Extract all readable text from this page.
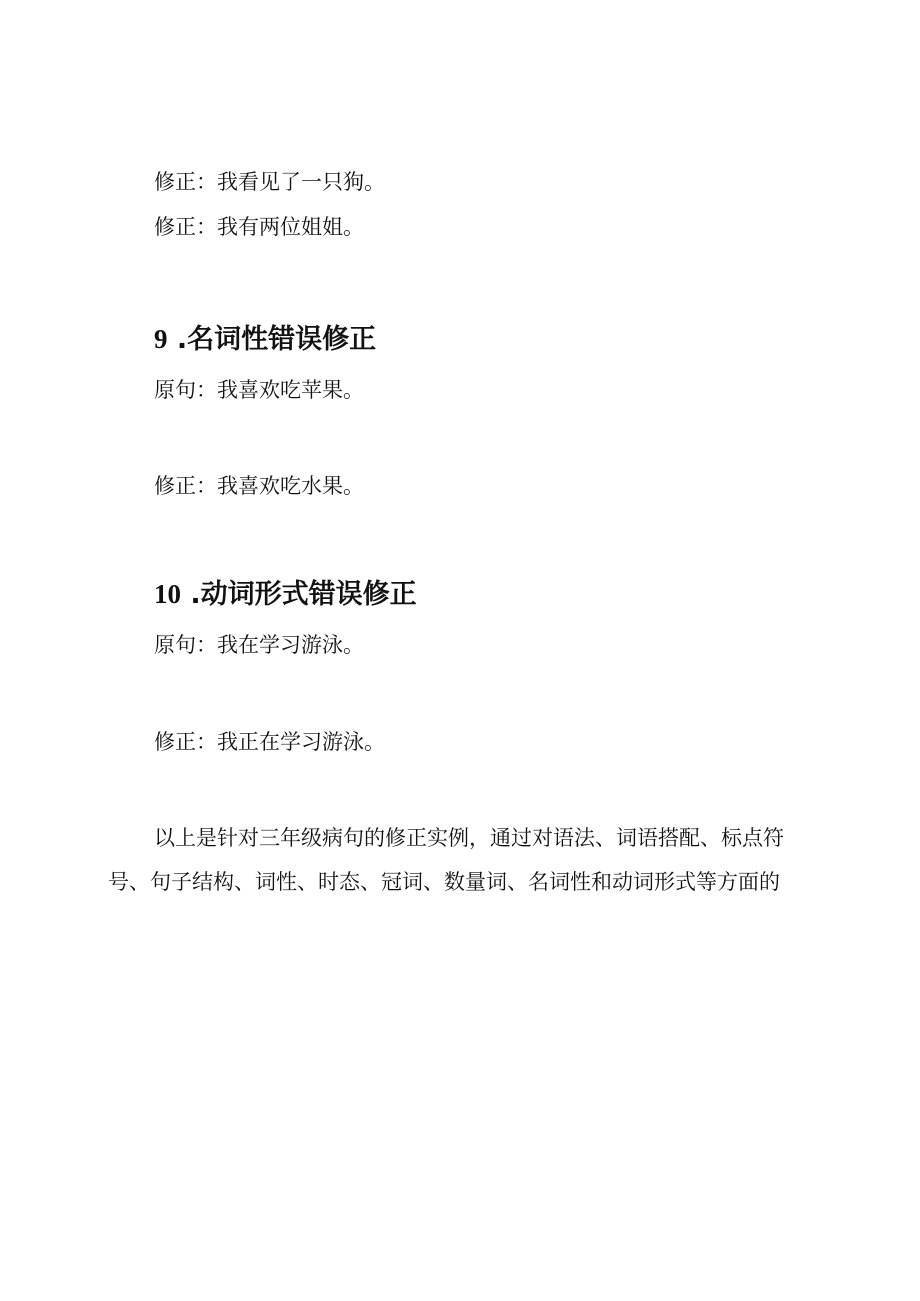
修正：我看见了一只狗。
修正：我有两位姐姐。
9 .名词性错误修正
原句：我喜欢吃苹果。
修正：我喜欢吃水果。
10 .动词形式错误修正
原句：我在学习游泳。
修正：我正在学习游泳。
以上是针对三年级病句的修正实例，通过对语法、词语搭配、标点符号、句子结构、词性、时态、冠词、数量词、名词性和动词形式等方面的
